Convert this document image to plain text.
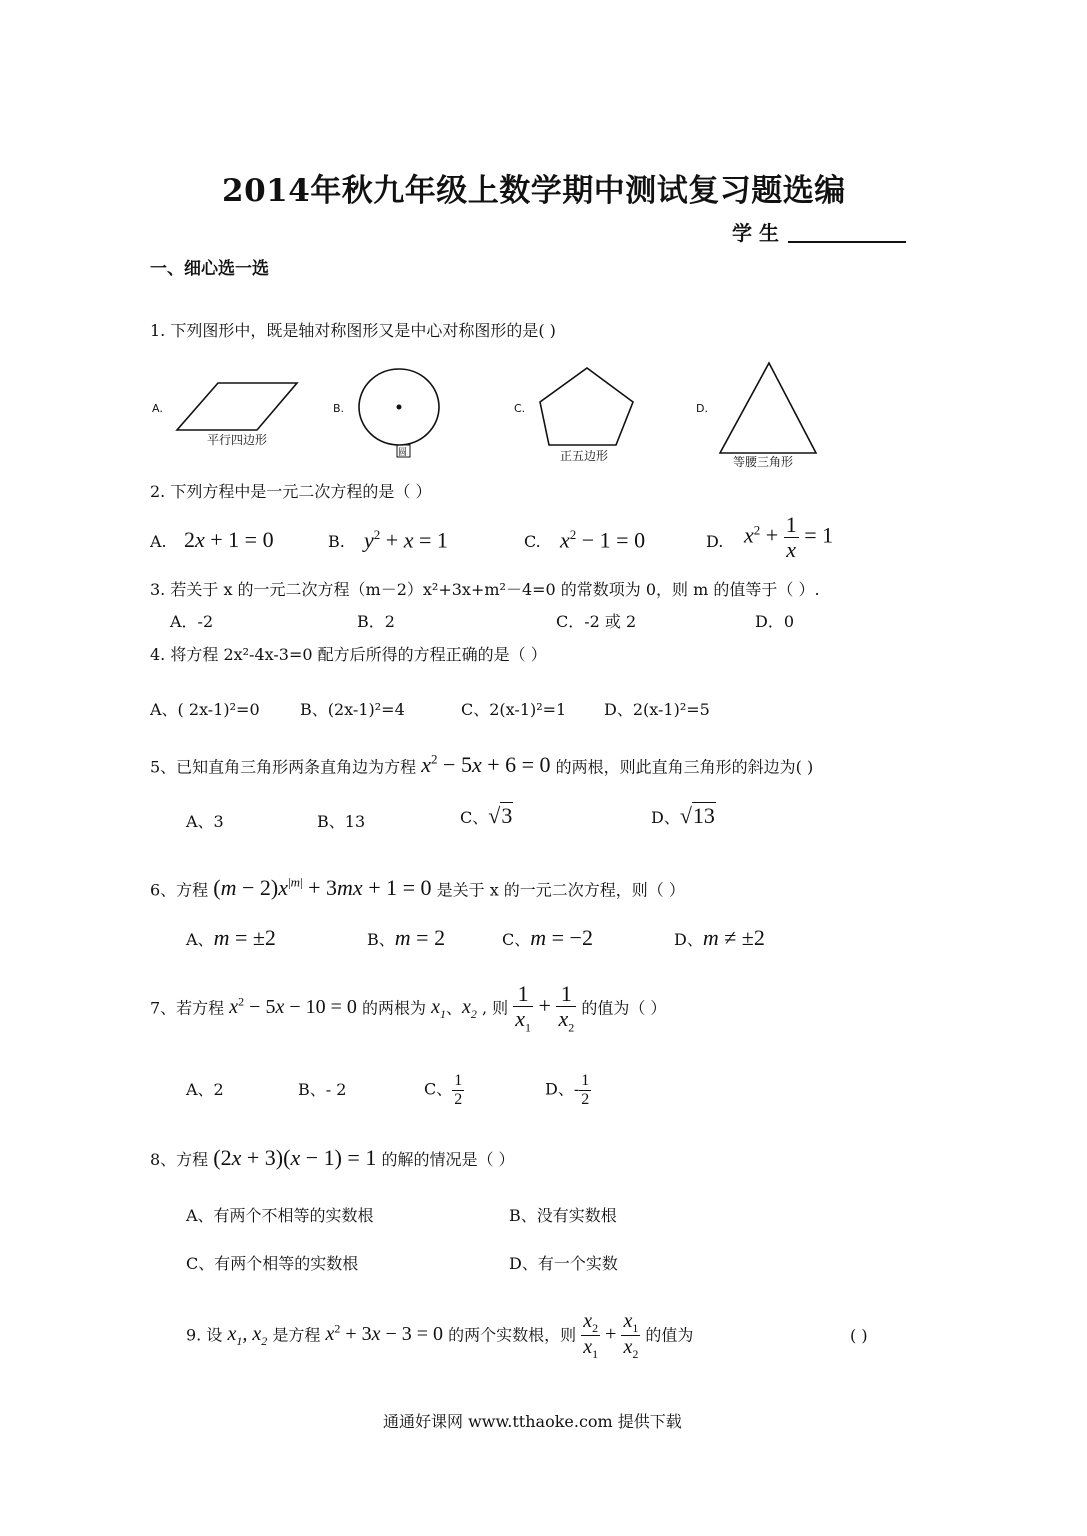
2014年秋九年级上数学期中测试复习题选编
学 生
一、细心选一选
1. 下列图形中，既是轴对称图形又是中心对称图形的是( )
A.
平行四边形
B.
圆
C.
正五边形
D.
等腰三角形
2. 下列方程中是一元二次方程的是（ ）
A. 2x + 1 = 0	B. $y^2 + x = 1$	C. $x^2 - 1 = 0$	D. $x^2 + \frac{1}{x} = 1$
3. 若关于 x 的一元二次方程（m－2）x²+3x+m²－4=0 的常数项为 0，则 m 的值等于（ ）.
A．-2	B．2	C．-2 或 2	D．0
4. 将方程 2x²-4x-3=0 配方后所得的方程正确的是（ ）
A、( 2x-1)²=0	B、(2x-1)²=4	C、2(x-1)²=1 D、2(x-1)²=5
5、已知直角三角形两条直角边为方程 $x^2 - 5x + 6 = 0$ 的两根，则此直角三角形的斜边为( )
A、3	B、13	C、√3	D、√13
6、方程 $(m - 2)x^{|m|} + 3mx + 1 = 0$ 是关于 x 的一元二次方程，则（ ）
A、m = ±2	B、m = 2	C、m = −2	D、m ≠ ±2
7、若方程 $x^2 - 5x - 10 = 0$ 的两根为 $x_1$、$x_2$ , 则 $\frac{1}{x_1} + \frac{1}{x_2}$ 的值为（ ）
A、2	B、- 2	C、 $\frac{1}{2}$	D、- $\frac{1}{2}$
8、方程 (2x + 3)(x − 1) = 1 的解的情况是（ ）
A、有两个不相等的实数根	B、没有实数根
C、有两个相等的实数根	D、有一个实数
9. 设 $x_1$, $x_2$ 是方程 $x^2 + 3x - 3 = 0$ 的两个实数根，则 $\frac{x_2}{x_1} + \frac{x_1}{x_2}$ 的值为	( )
通通好课网 www.tthaoke.com 提供下载
